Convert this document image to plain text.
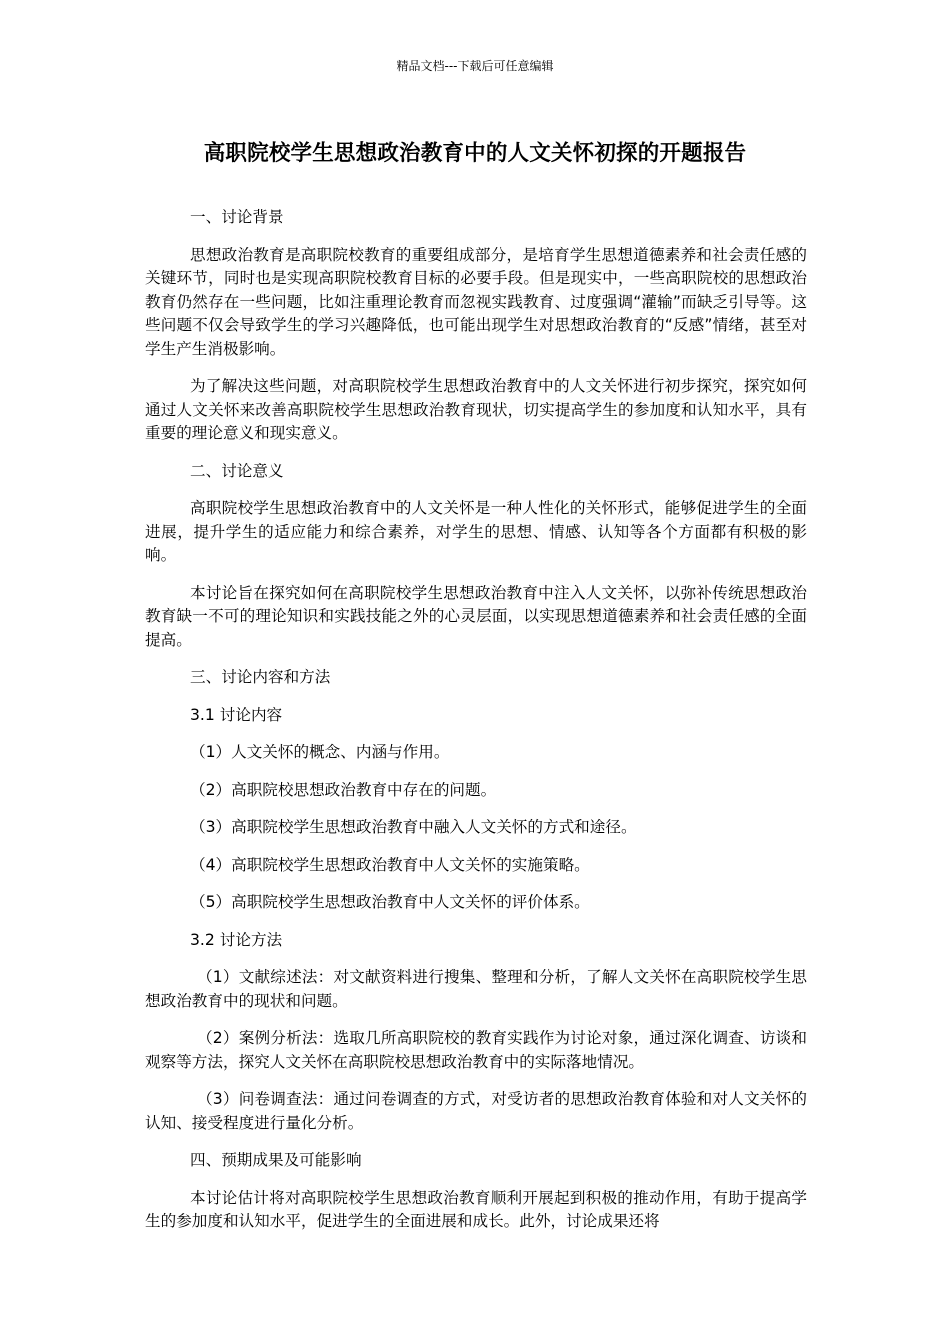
精品文档---下载后可任意编辑
高职院校学生思想政治教育中的人文关怀初探的开题报告

一、讨论背景

思想政治教育是高职院校教育的重要组成部分，是培育学生思想道德素养和社会责任感的关键环节，同时也是实现高职院校教育目标的必要手段。但是现实中，一些高职院校的思想政治教育仍然存在一些问题，比如注重理论教育而忽视实践教育、过度强调“灌输”而缺乏引导等。这些问题不仅会导致学生的学习兴趣降低，也可能出现学生对思想政治教育的“反感”情绪，甚至对学生产生消极影响。

为了解决这些问题，对高职院校学生思想政治教育中的人文关怀进行初步探究，探究如何通过人文关怀来改善高职院校学生思想政治教育现状，切实提高学生的参加度和认知水平，具有重要的理论意义和现实意义。

二、讨论意义

高职院校学生思想政治教育中的人文关怀是一种人性化的关怀形式，能够促进学生的全面进展，提升学生的适应能力和综合素养，对学生的思想、情感、认知等各个方面都有积极的影响。

本讨论旨在探究如何在高职院校学生思想政治教育中注入人文关怀，以弥补传统思想政治教育缺一不可的理论知识和实践技能之外的心灵层面，以实现思想道德素养和社会责任感的全面提高。

三、讨论内容和方法

3.1 讨论内容

（1）人文关怀的概念、内涵与作用。

（2）高职院校思想政治教育中存在的问题。

（3）高职院校学生思想政治教育中融入人文关怀的方式和途径。

（4）高职院校学生思想政治教育中人文关怀的实施策略。

（5）高职院校学生思想政治教育中人文关怀的评价体系。

3.2 讨论方法

（1）文献综述法：对文献资料进行搜集、整理和分析，了解人文关怀在高职院校学生思想政治教育中的现状和问题。

（2）案例分析法：选取几所高职院校的教育实践作为讨论对象，通过深化调查、访谈和观察等方法，探究人文关怀在高职院校思想政治教育中的实际落地情况。

（3）问卷调查法：通过问卷调查的方式，对受访者的思想政治教育体验和对人文关怀的认知、接受程度进行量化分析。

四、预期成果及可能影响

本讨论估计将对高职院校学生思想政治教育顺利开展起到积极的推动作用，有助于提高学生的参加度和认知水平，促进学生的全面进展和成长。此外，讨论成果还将
